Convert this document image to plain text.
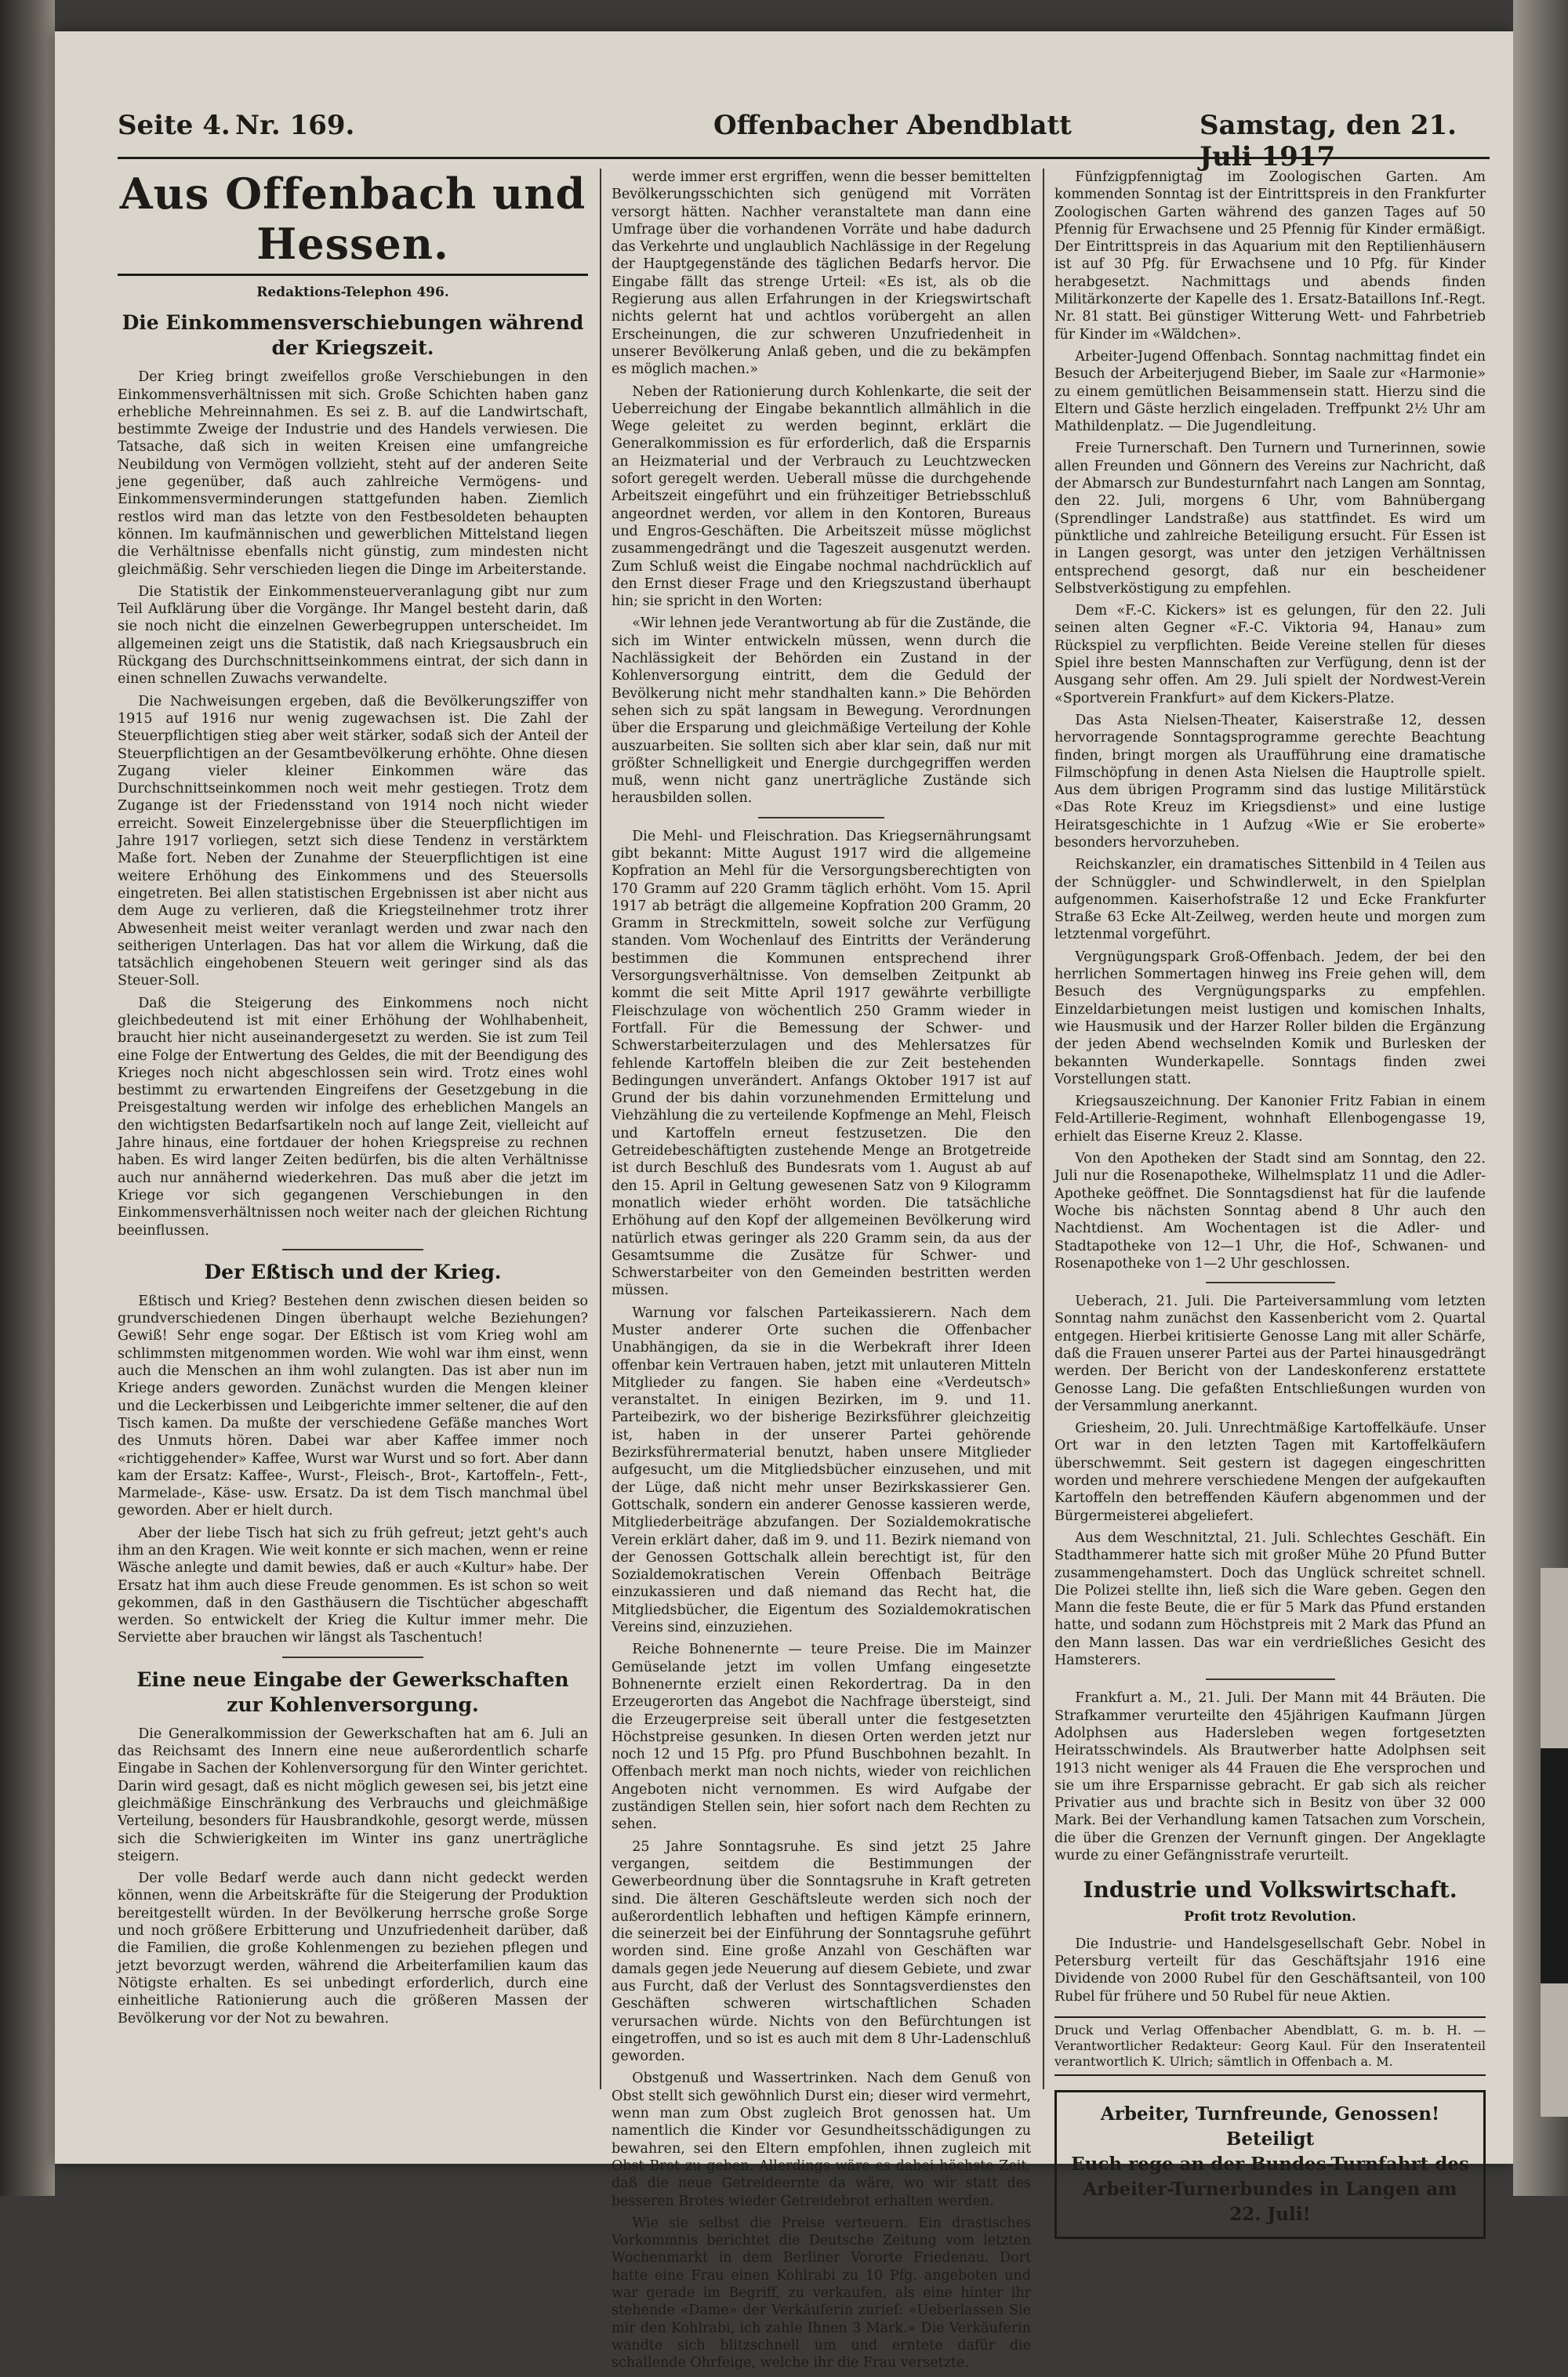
Seite 4. Nr. 169.	Offenbacher Abendblatt	Samstag, den 21. Juli 1917
Aus Offenbach und Hessen.
Redaktions-Telephon 496.
Die Einkommensverschiebungen während der Kriegszeit.

Der Krieg bringt zweifellos große Verschiebungen in den Einkommensverhältnissen mit sich. Große Schichten haben ganz erhebliche Mehreinnahmen. Es sei z. B. auf die Landwirtschaft, bestimmte Zweige der Industrie und des Handels verwiesen. Die Tatsache, daß sich in weiten Kreisen eine umfangreiche Neubildung von Vermögen vollzieht, steht auf der anderen Seite jene gegenüber, daß auch zahlreiche Vermögens- und Einkommensverminderungen stattgefunden haben. Ziemlich restlos wird man das letzte von den Festbesoldeten behaupten können. Im kaufmännischen und gewerblichen Mittelstand liegen die Verhältnisse ebenfalls nicht günstig, zum mindesten nicht gleichmäßig. Sehr verschieden liegen die Dinge im Arbeiterstande.

Die Statistik der Einkommensteuerveranlagung gibt nur zum Teil Aufklärung über die Vorgänge. Ihr Mangel besteht darin, daß sie noch nicht die einzelnen Gewerbegruppen unterscheidet. Im allgemeinen zeigt uns die Statistik, daß nach Kriegsausbruch ein Rückgang des Durchschnittseinkommens eintrat, der sich dann in einen schnellen Zuwachs verwandelte.

Die Nachweisungen ergeben, daß die Bevölkerungsziffer von 1915 auf 1916 nur wenig zugewachsen ist. Die Zahl der Steuerpflichtigen stieg aber weit stärker, sodaß sich der Anteil der Steuerpflichtigen an der Gesamtbevölkerung erhöhte. Ohne diesen Zugang vieler kleiner Einkommen wäre das Durchschnittseinkommen noch weit mehr gestiegen. Trotz dem Zugange ist der Friedensstand von 1914 noch nicht wieder erreicht. Soweit Einzelergebnisse über die Steuerpflichtigen im Jahre 1917 vorliegen, setzt sich diese Tendenz in verstärktem Maße fort. Neben der Zunahme der Steuerpflichtigen ist eine weitere Erhöhung des Einkommens und des Steuersolls eingetreten. Bei allen statistischen Ergebnissen ist aber nicht aus dem Auge zu verlieren, daß die Kriegsteilnehmer trotz ihrer Abwesenheit meist weiter veranlagt werden und zwar nach den seitherigen Unterlagen. Das hat vor allem die Wirkung, daß die tatsächlich eingehobenen Steuern weit geringer sind als das Steuer-Soll.

Daß die Steigerung des Einkommens noch nicht gleichbedeutend ist mit einer Erhöhung der Wohlhabenheit, braucht hier nicht auseinandergesetzt zu werden. Sie ist zum Teil eine Folge der Entwertung des Geldes, die mit der Beendigung des Krieges noch nicht abgeschlossen sein wird. Trotz eines wohl bestimmt zu erwartenden Eingreifens der Gesetzgebung in die Preisgestaltung werden wir infolge des erheblichen Mangels an den wichtigsten Bedarfsartikeln noch auf lange Zeit, vielleicht auf Jahre hinaus, eine fortdauer der hohen Kriegspreise zu rechnen haben. Es wird langer Zeiten bedürfen, bis die alten Verhältnisse auch nur annähernd wiederkehren. Das muß aber die jetzt im Kriege vor sich gegangenen Verschiebungen in den Einkommensverhältnissen noch weiter nach der gleichen Richtung beeinflussen.

Der Eßtisch und der Krieg.

Eßtisch und Krieg? Bestehen denn zwischen diesen beiden so grundverschiedenen Dingen überhaupt welche Beziehungen? Gewiß! Sehr enge sogar. Der Eßtisch ist vom Krieg wohl am schlimmsten mitgenommen worden. Wie wohl war ihm einst, wenn auch die Menschen an ihm wohl zulangten. Das ist aber nun im Kriege anders geworden. Zunächst wurden die Mengen kleiner und die Leckerbissen und Leibgerichte immer seltener, die auf den Tisch kamen. Da mußte der verschiedene Gefäße manches Wort des Unmuts hören. Dabei war aber Kaffee immer noch «richtiggehender» Kaffee, Wurst war Wurst und so fort. Aber dann kam der Ersatz: Kaffee-, Wurst-, Fleisch-, Brot-, Kartoffeln-, Fett-, Marmelade-, Käse- usw. Ersatz. Da ist dem Tisch manchmal übel geworden. Aber er hielt durch.

Aber der liebe Tisch hat sich zu früh gefreut; jetzt geht's auch ihm an den Kragen. Wie weit konnte er sich machen, wenn er reine Wäsche anlegte und damit bewies, daß er auch «Kultur» habe. Der Ersatz hat ihm auch diese Freude genommen. Es ist schon so weit gekommen, daß in den Gasthäusern die Tischtücher abgeschafft werden. So entwickelt der Krieg die Kultur immer mehr. Die Serviette aber brauchen wir längst als Taschentuch!

Eine neue Eingabe der Gewerkschaften zur Kohlenversorgung.

Die Generalkommission der Gewerkschaften hat am 6. Juli an das Reichsamt des Innern eine neue außerordentlich scharfe Eingabe in Sachen der Kohlenversorgung für den Winter gerichtet. Darin wird gesagt, daß es nicht möglich gewesen sei, bis jetzt eine gleichmäßige Einschränkung des Verbrauchs und gleichmäßige Verteilung, besonders für Hausbrandkohle, gesorgt werde, müssen sich die Schwierigkeiten im Winter ins ganz unerträgliche steigern.

Der volle Bedarf werde auch dann nicht gedeckt werden können, wenn die Arbeitskräfte für die Steigerung der Produktion bereitgestellt würden. In der Bevölkerung herrsche große Sorge und noch größere Erbitterung und Unzufriedenheit darüber, daß die Familien, die große Kohlenmengen zu beziehen pflegen und jetzt bevorzugt werden, während die Arbeiterfamilien kaum das Nötigste erhalten. Es sei unbedingt erforderlich, durch eine einheitliche Rationierung auch die größeren Massen der Bevölkerung vor der Not zu bewahren.

werde immer erst ergriffen, wenn die besser bemittelten Bevölkerungsschichten sich genügend mit Vorräten versorgt hätten. Nachher veranstaltete man dann eine Umfrage über die vorhandenen Vorräte und habe dadurch das Verkehrte und unglaublich Nachlässige in der Regelung der Hauptgegenstände des täglichen Bedarfs hervor. Die Eingabe fällt das strenge Urteil: «Es ist, als ob die Regierung aus allen Erfahrungen in der Kriegswirtschaft nichts gelernt hat und achtlos vorübergeht an allen Erscheinungen, die zur schweren Unzufriedenheit in unserer Bevölkerung Anlaß geben, und die zu bekämpfen es möglich machen.»

Neben der Rationierung durch Kohlenkarte, die seit der Ueberreichung der Eingabe bekanntlich allmählich in die Wege geleitet zu werden beginnt, erklärt die Generalkommission es für erforderlich, daß die Ersparnis an Heizmaterial und der Verbrauch zu Leuchtzwecken sofort geregelt werden. Ueberall müsse die durchgehende Arbeitszeit eingeführt und ein frühzeitiger Betriebsschluß angeordnet werden, vor allem in den Kontoren, Bureaus und Engros-Geschäften. Die Arbeitszeit müsse möglichst zusammengedrängt und die Tageszeit ausgenutzt werden. Zum Schluß weist die Eingabe nochmal nachdrücklich auf den Ernst dieser Frage und den Kriegszustand überhaupt hin; sie spricht in den Worten:

«Wir lehnen jede Verantwortung ab für die Zustände, die sich im Winter entwickeln müssen, wenn durch die Nachlässigkeit der Behörden ein Zustand in der Kohlenversorgung eintritt, dem die Geduld der Bevölkerung nicht mehr standhalten kann.» Die Behörden sehen sich zu spät langsam in Bewegung. Verordnungen über die Ersparung und gleichmäßige Verteilung der Kohle auszuarbeiten. Sie sollten sich aber klar sein, daß nur mit größter Schnelligkeit und Energie durchgegriffen werden muß, wenn nicht ganz unerträgliche Zustände sich herausbilden sollen.

Die Mehl- und Fleischration. Das Kriegsernährungsamt gibt bekannt: Mitte August 1917 wird die allgemeine Kopfration an Mehl für die Versorgungsberechtigten von 170 Gramm auf 220 Gramm täglich erhöht. Vom 15. April 1917 ab beträgt die allgemeine Kopfration 200 Gramm, 20 Gramm in Streckmitteln, soweit solche zur Verfügung standen. Vom Wochenlauf des Eintritts der Veränderung bestimmen die Kommunen entsprechend ihrer Versorgungsverhältnisse. Von demselben Zeitpunkt ab kommt die seit Mitte April 1917 gewährte verbilligte Fleischzulage von wöchentlich 250 Gramm wieder in Fortfall. Für die Bemessung der Schwer- und Schwerstarbeiterzulagen und des Mehlersatzes für fehlende Kartoffeln bleiben die zur Zeit bestehenden Bedingungen unverändert. Anfangs Oktober 1917 ist auf Grund der bis dahin vorzunehmenden Ermittelung und Viehzählung die zu verteilende Kopfmenge an Mehl, Fleisch und Kartoffeln erneut festzusetzen. Die den Getreidebeschäftigten zustehende Menge an Brotgetreide ist durch Beschluß des Bundesrats vom 1. August ab auf den 15. April in Geltung gewesenen Satz von 9 Kilogramm monatlich wieder erhöht worden. Die tatsächliche Erhöhung auf den Kopf der allgemeinen Bevölkerung wird natürlich etwas geringer als 220 Gramm sein, da aus der Gesamtsumme die Zusätze für Schwer- und Schwerstarbeiter von den Gemeinden bestritten werden müssen.

Warnung vor falschen Parteikassierern. Nach dem Muster anderer Orte suchen die Offenbacher Unabhängigen, da sie in die Werbekraft ihrer Ideen offenbar kein Vertrauen haben, jetzt mit unlauteren Mitteln Mitglieder zu fangen. Sie haben eine «Verdeutsch» veranstaltet. In einigen Bezirken, im 9. und 11. Parteibezirk, wo der bisherige Bezirksführer gleichzeitig ist, haben in der unserer Partei gehörende Bezirksführermaterial benutzt, haben unsere Mitglieder aufgesucht, um die Mitgliedsbücher einzusehen, und mit der Lüge, daß nicht mehr unser Bezirkskassierer Gen. Gottschalk, sondern ein anderer Genosse kassieren werde, Mitgliederbeiträge abzufangen. Der Sozialdemokratische Verein erklärt daher, daß im 9. und 11. Bezirk niemand von der Genossen Gottschalk allein berechtigt ist, für den Sozialdemokratischen Verein Offenbach Beiträge einzukassieren und daß niemand das Recht hat, die Mitgliedsbücher, die Eigentum des Sozialdemokratischen Vereins sind, einzuziehen.

Reiche Bohnenernte — teure Preise. Die im Mainzer Gemüselande jetzt im vollen Umfang eingesetzte Bohnenernte erzielt einen Rekordertrag. Da in den Erzeugerorten das Angebot die Nachfrage übersteigt, sind die Erzeugerpreise seit überall unter die festgesetzten Höchstpreise gesunken. In diesen Orten werden jetzt nur noch 12 und 15 Pfg. pro Pfund Buschbohnen bezahlt. In Offenbach merkt man noch nichts, wieder von reichlichen Angeboten nicht vernommen. Es wird Aufgabe der zuständigen Stellen sein, hier sofort nach dem Rechten zu sehen.

25 Jahre Sonntagsruhe. Es sind jetzt 25 Jahre vergangen, seitdem die Bestimmungen der Gewerbeordnung über die Sonntagsruhe in Kraft getreten sind. Die älteren Geschäftsleute werden sich noch der außerordentlich lebhaften und heftigen Kämpfe erinnern, die seinerzeit bei der Einführung der Sonntagsruhe geführt worden sind. Eine große Anzahl von Geschäften war damals gegen jede Neuerung auf diesem Gebiete, und zwar aus Furcht, daß der Verlust des Sonntagsverdienstes den Geschäften schweren wirtschaftlichen Schaden verursachen würde. Nichts von den Befürchtungen ist eingetroffen, und so ist es auch mit dem 8 Uhr-Ladenschluß geworden.

Obstgenuß und Wassertrinken. Nach dem Genuß von Obst stellt sich gewöhnlich Durst ein; dieser wird vermehrt, wenn man zum Obst zugleich Brot genossen hat. Um namentlich die Kinder vor Gesundheitsschädigungen zu bewahren, sei den Eltern empfohlen, ihnen zugleich mit Obst Brot zu geben. Allerdings wäre es dabei höchste Zeit, daß die neue Getreideernte da wäre, wo wir statt des besseren Brotes wieder Getreidebrot erhalten werden.

Wie sie selbst die Preise verteuern. Ein drastisches Vorkommnis berichtet die Deutsche Zeitung vom letzten Wochenmarkt in dem Berliner Vororte Friedenau. Dort hatte eine Frau einen Kohlrabi zu 10 Pfg. angeboten und war gerade im Begriff, zu verkaufen, als eine hinter ihr stehende «Dame» der Verkäuferin zurief: «Ueberlassen Sie mir den Kohlrabi, ich zahle Ihnen 3 Mark.» Die Verkäuferin wandte sich blitzschnell um und erntete dafür die schallende Ohrfeige, welche ihr die Frau versetzte.

Fünfzigpfennigtag im Zoologischen Garten. Am kommenden Sonntag ist der Eintrittspreis in den Frankfurter Zoologischen Garten während des ganzen Tages auf 50 Pfennig für Erwachsene und 25 Pfennig für Kinder ermäßigt. Der Eintrittspreis in das Aquarium mit den Reptilienhäusern ist auf 30 Pfg. für Erwachsene und 10 Pfg. für Kinder herabgesetzt. Nachmittags und abends finden Militärkonzerte der Kapelle des 1. Ersatz-Bataillons Inf.-Regt. Nr. 81 statt. Bei günstiger Witterung Wett- und Fahrbetrieb für Kinder im «Wäldchen».

Arbeiter-Jugend Offenbach. Sonntag nachmittag findet ein Besuch der Arbeiterjugend Bieber, im Saale zur «Harmonie» zu einem gemütlichen Beisammensein statt. Hierzu sind die Eltern und Gäste herzlich eingeladen. Treffpunkt 2½ Uhr am Mathildenplatz. — Die Jugendleitung.

Freie Turnerschaft. Den Turnern und Turnerinnen, sowie allen Freunden und Gönnern des Vereins zur Nachricht, daß der Abmarsch zur Bundesturnfahrt nach Langen am Sonntag, den 22. Juli, morgens 6 Uhr, vom Bahnübergang (Sprendlinger Landstraße) aus stattfindet. Es wird um pünktliche und zahlreiche Beteiligung ersucht. Für Essen ist in Langen gesorgt, was unter den jetzigen Verhältnissen entsprechend gesorgt, daß nur ein bescheidener Selbstverköstigung zu empfehlen.

Dem «F.-C. Kickers» ist es gelungen, für den 22. Juli seinen alten Gegner «F.-C. Viktoria 94, Hanau» zum Rückspiel zu verpflichten. Beide Vereine stellen für dieses Spiel ihre besten Mannschaften zur Verfügung, denn ist der Ausgang sehr offen. Am 29. Juli spielt der Nordwest-Verein «Sportverein Frankfurt» auf dem Kickers-Platze.

Das Asta Nielsen-Theater, Kaiserstraße 12, dessen hervorragende Sonntagsprogramme gerechte Beachtung finden, bringt morgen als Uraufführung eine dramatische Filmschöpfung in denen Asta Nielsen die Hauptrolle spielt. Aus dem übrigen Programm sind das lustige Militärstück «Das Rote Kreuz im Kriegsdienst» und eine lustige Heiratsgeschichte in 1 Aufzug «Wie er Sie eroberte» besonders hervorzuheben.

Reichskanzler, ein dramatisches Sittenbild in 4 Teilen aus der Schnüggler- und Schwindlerwelt, in den Spielplan aufgenommen. Kaiserhofstraße 12 und Ecke Frankfurter Straße 63 Ecke Alt-Zeilweg, werden heute und morgen zum letztenmal vorgeführt.

Vergnügungspark Groß-Offenbach. Jedem, der bei den herrlichen Sommertagen hinweg ins Freie gehen will, dem Besuch des Vergnügungsparks zu empfehlen. Einzeldarbietungen meist lustigen und komischen Inhalts, wie Hausmusik und der Harzer Roller bilden die Ergänzung der jeden Abend wechselnden Komik und Burlesken der bekannten Wunderkapelle. Sonntags finden zwei Vorstellungen statt.

Kriegsauszeichnung. Der Kanonier Fritz Fabian in einem Feld-Artillerie-Regiment, wohnhaft Ellenbogengasse 19, erhielt das Eiserne Kreuz 2. Klasse.

Von den Apotheken der Stadt sind am Sonntag, den 22. Juli nur die Rosenapotheke, Wilhelmsplatz 11 und die Adler-Apotheke geöffnet. Die Sonntagsdienst hat für die laufende Woche bis nächsten Sonntag abend 8 Uhr auch den Nachtdienst. Am Wochentagen ist die Adler- und Stadtapotheke von 12—1 Uhr, die Hof-, Schwanen- und Rosenapotheke von 1—2 Uhr geschlossen.

Ueberach, 21. Juli. Die Parteiversammlung vom letzten Sonntag nahm zunächst den Kassenbericht vom 2. Quartal entgegen. Hierbei kritisierte Genosse Lang mit aller Schärfe, daß die Frauen unserer Partei aus der Partei hinausgedrängt werden. Der Bericht von der Landeskonferenz erstattete Genosse Lang. Die gefaßten Entschließungen wurden von der Versammlung anerkannt.

Griesheim, 20. Juli. Unrechtmäßige Kartoffelkäufe. Unser Ort war in den letzten Tagen mit Kartoffelkäufern überschwemmt. Seit gestern ist dagegen eingeschritten worden und mehrere verschiedene Mengen der aufgekauften Kartoffeln den betreffenden Käufern abgenommen und der Bürgermeisterei abgeliefert.

Aus dem Weschnitztal, 21. Juli. Schlechtes Geschäft. Ein Stadthammerer hatte sich mit großer Mühe 20 Pfund Butter zusammengehamstert. Doch das Unglück schreitet schnell. Die Polizei stellte ihn, ließ sich die Ware geben. Gegen den Mann die feste Beute, die er für 5 Mark das Pfund erstanden hatte, und sodann zum Höchstpreis mit 2 Mark das Pfund an den Mann lassen. Das war ein verdrießliches Gesicht des Hamsterers.

Frankfurt a. M., 21. Juli. Der Mann mit 44 Bräuten. Die Strafkammer verurteilte den 45jährigen Kaufmann Jürgen Adolphsen aus Hadersleben wegen fortgesetzten Heiratsschwindels. Als Brautwerber hatte Adolphsen seit 1913 nicht weniger als 44 Frauen die Ehe versprochen und sie um ihre Ersparnisse gebracht. Er gab sich als reicher Privatier aus und brachte sich in Besitz von über 32 000 Mark. Bei der Verhandlung kamen Tatsachen zum Vorschein, die über die Grenzen der Vernunft gingen. Der Angeklagte wurde zu einer Gefängnisstrafe verurteilt.

Industrie und Volkswirtschaft.
Profit trotz Revolution.

Die Industrie- und Handelsgesellschaft Gebr. Nobel in Petersburg verteilt für das Geschäftsjahr 1916 eine Dividende von 2000 Rubel für den Geschäftsanteil, von 100 Rubel für frühere und 50 Rubel für neue Aktien.

Druck und Verlag Offenbacher Abendblatt, G. m. b. H. — Verantwortlicher Redakteur: Georg Kaul. Für den Inseratenteil verantwortlich K. Ulrich; sämtlich in Offenbach a. M.
Arbeiter, Turnfreunde, Genossen! Beteiligt
Euch rege an der Bundes-Turnfahrt des
Arbeiter-Turnerbundes in Langen am 22. Juli!
